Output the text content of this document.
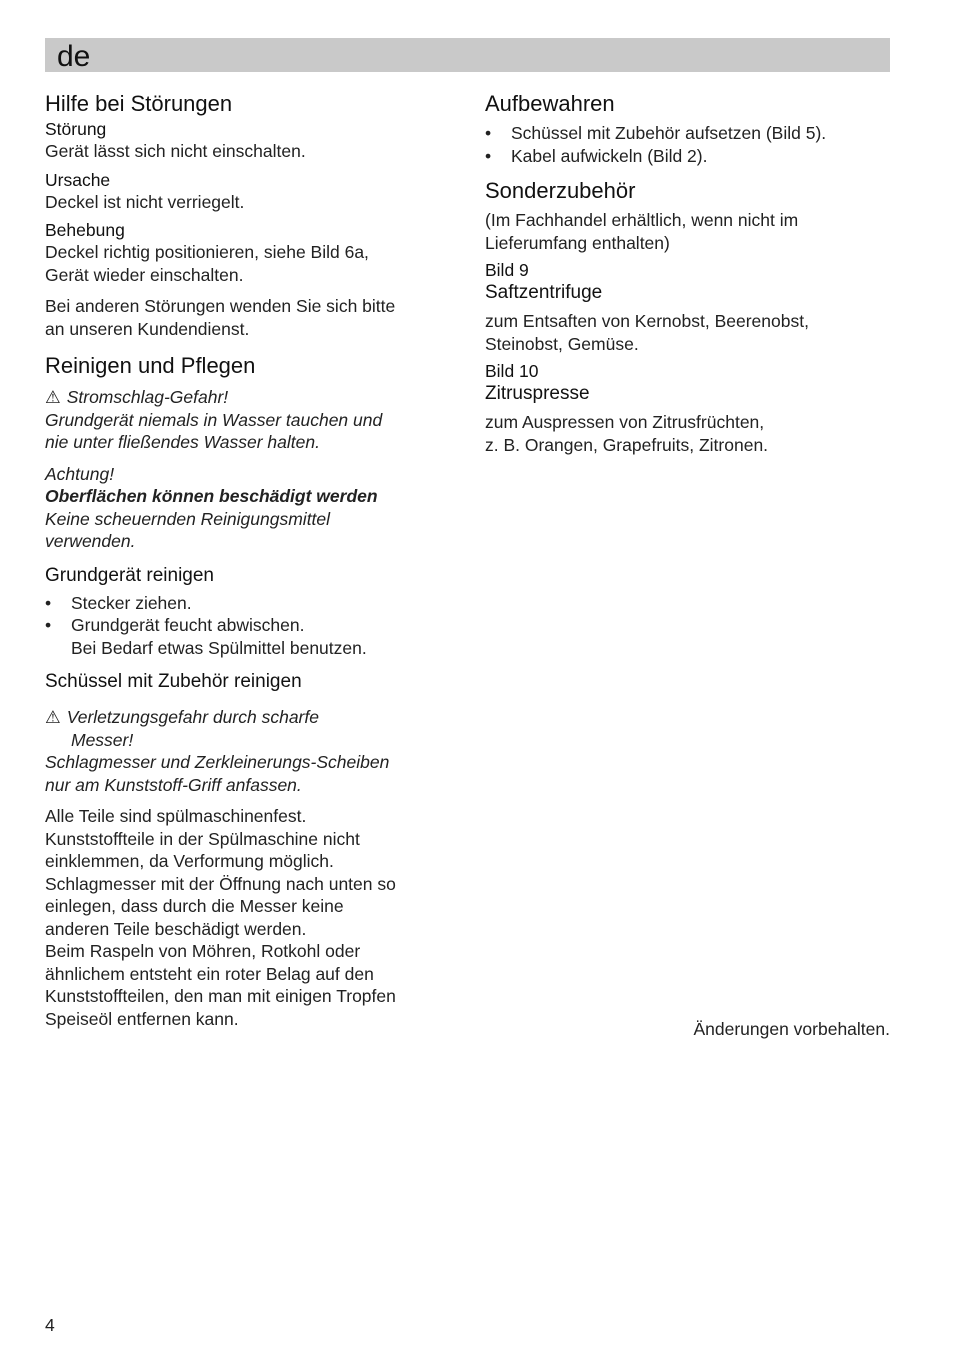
de
Hilfe bei Störungen
Störung

Gerät lässt sich nicht einschalten.

Ursache

Deckel ist nicht verriegelt.

Behebung

Deckel richtig positionieren, siehe Bild 6a,

Gerät wieder einschalten.

Bei anderen Störungen wenden Sie sich bitte

an unseren Kundendienst.

Reinigen und Pflegen
⚠ Stromschlag-Gefahr!

Grundgerät niemals in Wasser tauchen und

nie unter fließendes Wasser halten.

Achtung!

Oberflächen können beschädigt werden

Keine scheuernden Reinigungsmittel

verwenden.

Grundgerät reinigen
• Stecker ziehen.
• Grundgerät feucht abwischen.

Bei Bedarf etwas Spülmittel benutzen.

Schüssel mit Zubehör reinigen
⚠ Verletzungsgefahr durch scharfe

Messer!

Schlagmesser und Zerkleinerungs-Scheiben

nur am Kunststoff-Griff anfassen.

Alle Teile sind spülmaschinenfest.

Kunststoffteile in der Spülmaschine nicht

einklemmen, da Verformung möglich.

Schlagmesser mit der Öffnung nach unten so

einlegen, dass durch die Messer keine

anderen Teile beschädigt werden.

Beim Raspeln von Möhren, Rotkohl oder

ähnlichem entsteht ein roter Belag auf den

Kunststoffteilen, den man mit einigen Tropfen

Speiseöl entfernen kann.

Aufbewahren
• Schüssel mit Zubehör aufsetzen (Bild 5).
• Kabel aufwickeln (Bild 2).
Sonderzubehör

(Im Fachhandel erhältlich, wenn nicht im

Lieferumfang enthalten)

Bild 9
Saftzentrifuge

zum Entsaften von Kernobst, Beerenobst,

Steinobst, Gemüse.

Bild 10
Zitruspresse

zum Auspressen von Zitrusfrüchten,

z. B. Orangen, Grapefruits, Zitronen.

Änderungen vorbehalten.
4
